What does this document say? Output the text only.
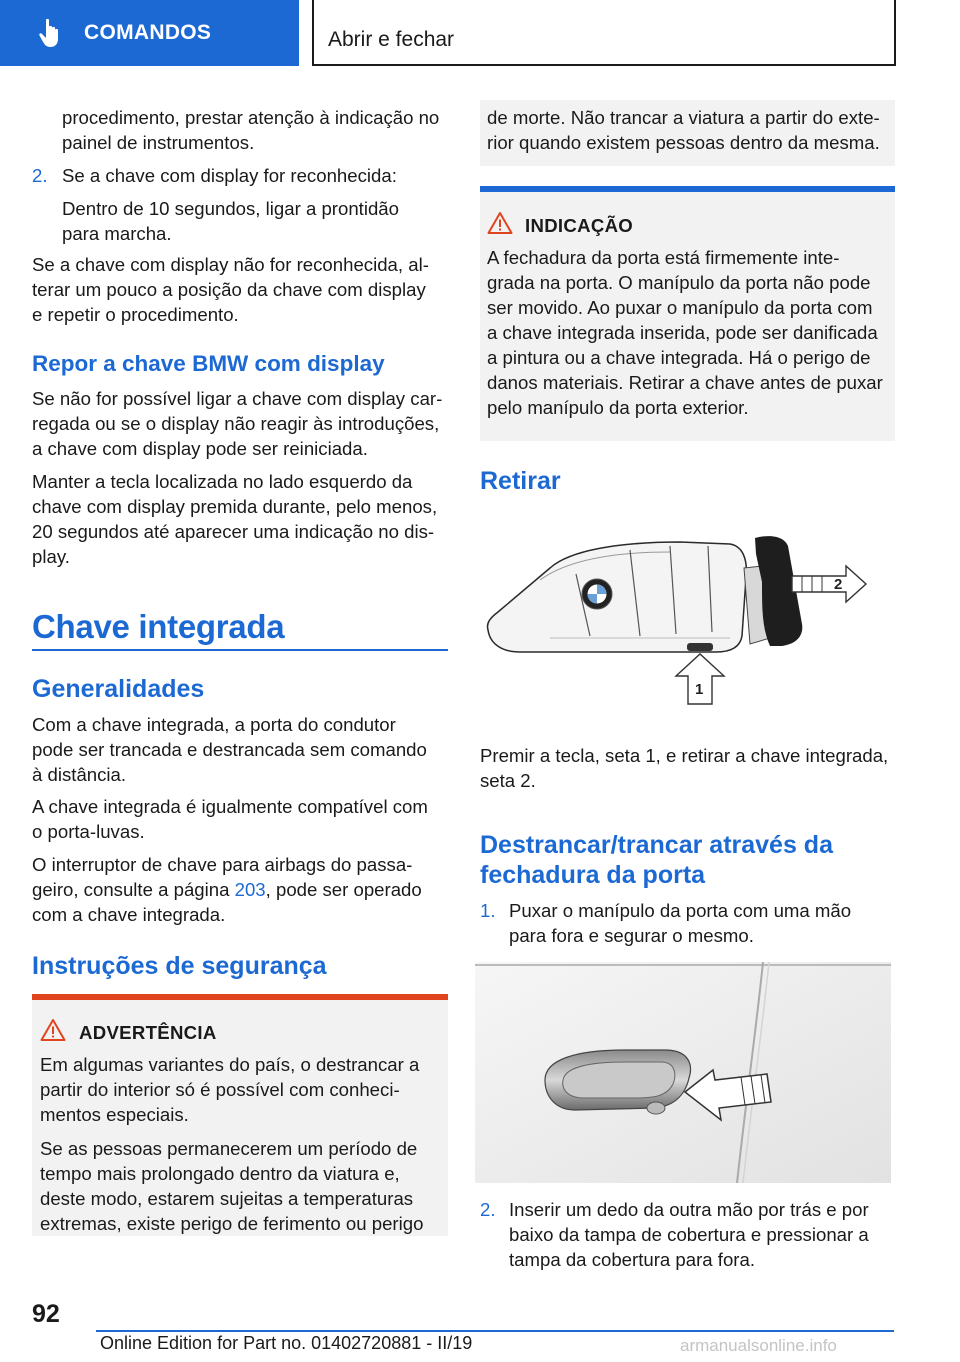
COMANDOS	Abrir e fechar
procedimento, prestar atenção à indicação no
painel de instrumentos.
2. Se a chave com display for reconhecida:
Dentro de 10 segundos, ligar a prontidão
para marcha.
Se a chave com display não for reconhecida, al‐
terar um pouco a posição da chave com display
e repetir o procedimento.
Repor a chave BMW com display
Se não for possível ligar a chave com display car‐
regada ou se o display não reagir às introduções,
a chave com display pode ser reiniciada.
Manter a tecla localizada no lado esquerdo da
chave com display premida durante, pelo menos,
20 segundos até aparecer uma indicação no dis‐
play.
Chave integrada
Generalidades
Com a chave integrada, a porta do condutor
pode ser trancada e destrancada sem comando
à distância.
A chave integrada é igualmente compatível com
o porta-luvas.
O interruptor de chave para airbags do passa‐
geiro, consulte a página 203, pode ser operado
com a chave integrada.
Instruções de segurança
ADVERTÊNCIA
Em algumas variantes do país, o destrancar a
partir do interior só é possível com conheci‐
mentos especiais.
Se as pessoas permanecerem um período de
tempo mais prolongado dentro da viatura e,
deste modo, estarem sujeitas a temperaturas
extremas, existe perigo de ferimento ou perigo
de morte. Não trancar a viatura a partir do exte‐
rior quando existem pessoas dentro da mesma.
INDICAÇÃO
A fechadura da porta está firmemente inte‐
grada na porta. O manípulo da porta não pode
ser movido. Ao puxar o manípulo da porta com
a chave integrada inserida, pode ser danificada
a pintura ou a chave integrada. Há o perigo de
danos materiais. Retirar a chave antes de puxar
pelo manípulo da porta exterior.
Retirar
2
1
Premir a tecla, seta 1, e retirar a chave integrada,
seta 2.
Destrancar/trancar através da
fechadura da porta
1. Puxar o manípulo da porta com uma mão
para fora e segurar o mesmo.
2. Inserir um dedo da outra mão por trás e por
baixo da tampa de cobertura e pressionar a
tampa da cobertura para fora.
92
Online Edition for Part no. 01402720881 - II/19	armanualsonline.info
